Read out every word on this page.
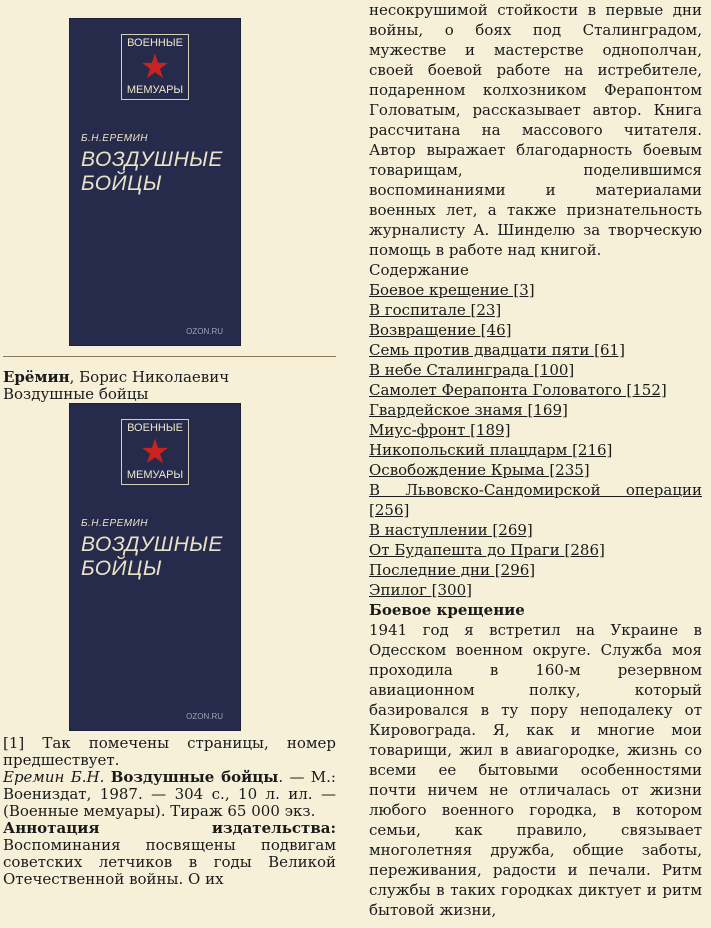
ВОЕННЫЕ
★
МЕМУАРЫ
Б.Н.ЕРЕМИН
ВОЗДУШНЫЕ
БОЙЦЫ
OZON.RU
Ерёмин, Борис Николаевич
Воздушные бойцы
ВОЕННЫЕ
★
МЕМУАРЫ
Б.Н.ЕРЕМИН
ВОЗДУШНЫЕ
БОЙЦЫ
OZON.RU
[1] Так помечены страницы, номер предшествует.
Еремин Б.Н. Воздушные бойцы. — М.: Воениздат, 1987. — 304 с., 10 л. ил. — (Военные мемуары). Тираж 65 000 экз.
Аннотация	издательства:
Воспоминания посвящены подвигам советских летчиков в годы Великой Отечественной войны. О их
несокрушимой стойкости в первые дни войны, о боях под Сталинградом, мужестве и мастерстве однополчан, своей боевой работе на истребителе, подаренном колхозником Ферапонтом Головатым, рассказывает автор. Книга рассчитана на массового читателя. Автор выражает благодарность боевым товарищам, поделившимся воспоминаниями и материалами военных лет, а также признательность журналисту А. Шинделю за творческую помощь в работе над книгой.
Содержание
Боевое крещение [3]
В госпитале [23]
Возвращение [46]
Семь против двадцати пяти [61]
В небе Сталинграда [100]
Самолет Ферапонта Головатого [152]
Гвардейское знамя [169]
Миус-фронт [189]
Никопольский плацдарм [216]
Освобождение Крыма [235]
В Львовско-Сандомирской операции [256]
В наступлении [269]
От Будапешта до Праги [286]
Последние дни [296]
Эпилог [300]
Боевое крещение
1941 год я встретил на Украине в Одесском военном округе. Служба моя проходила в 160-м резервном авиационном полку, который базировался в ту пору неподалеку от Кировограда. Я, как и многие мои товарищи, жил в авиагородке, жизнь со всеми ее бытовыми особенностями почти ничем не отличалась от жизни любого военного городка, в котором семьи, как правило, связывает многолетняя дружба, общие заботы, переживания, радости и печали. Ритм службы в таких городках диктует и ритм бытовой жизни,
